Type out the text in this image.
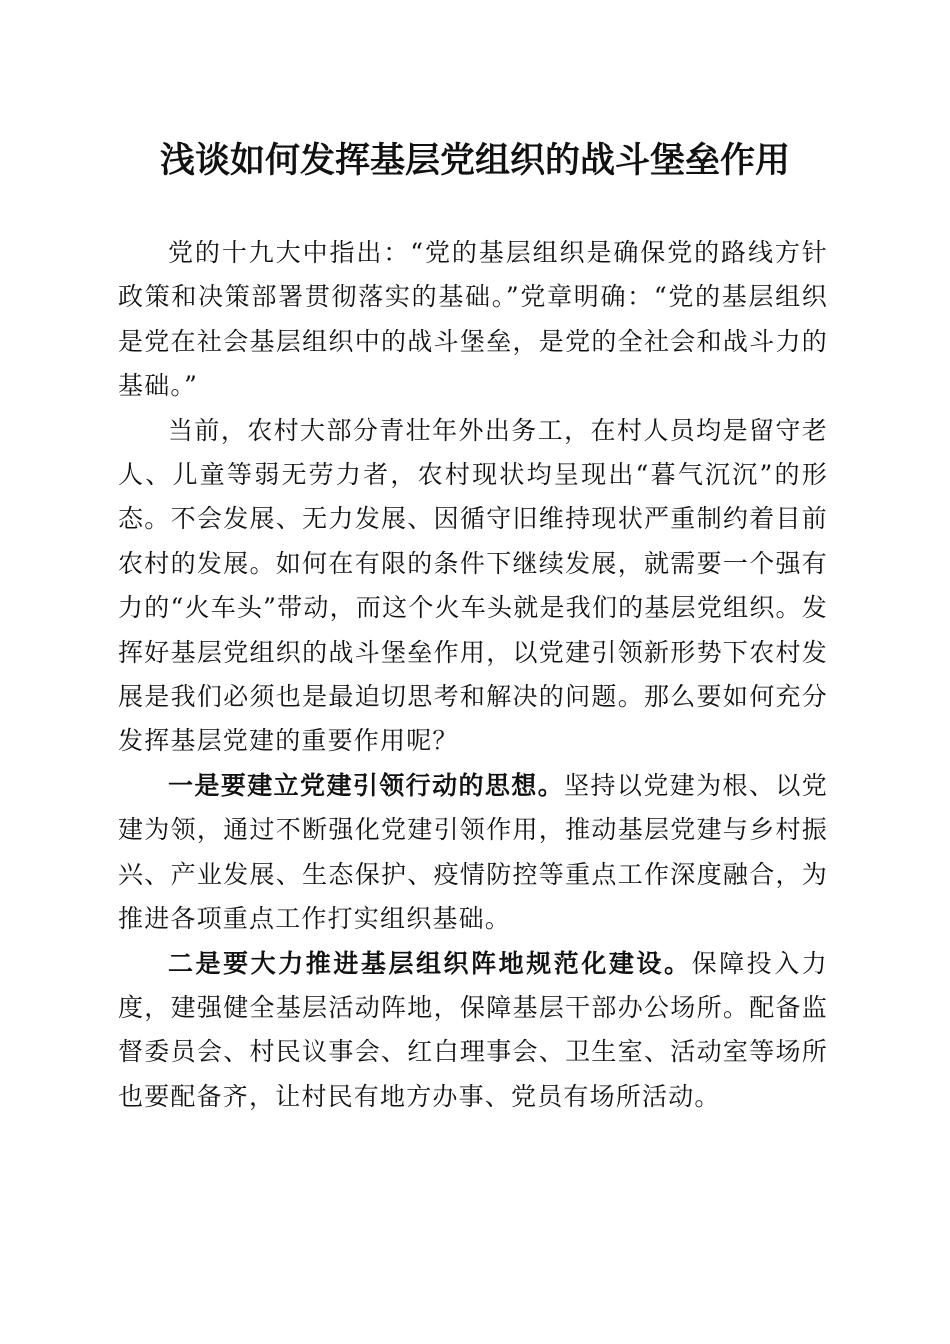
浅谈如何发挥基层党组织的战斗堡垒作用

党的十九大中指出：“党的基层组织是确保党的路线方针政策和决策部署贯彻落实的基础。”党章明确：“党的基层组织是党在社会基层组织中的战斗堡垒，是党的全社会和战斗力的基础。”

当前，农村大部分青壮年外出务工，在村人员均是留守老人、儿童等弱无劳力者，农村现状均呈现出“暮气沉沉”的形态。不会发展、无力发展、因循守旧维持现状严重制约着目前农村的发展。如何在有限的条件下继续发展，就需要一个强有力的“火车头”带动，而这个火车头就是我们的基层党组织。发挥好基层党组织的战斗堡垒作用，以党建引领新形势下农村发展是我们必须也是最迫切思考和解决的问题。那么要如何充分发挥基层党建的重要作用呢？

一是要建立党建引领行动的思想。坚持以党建为根、以党建为领，通过不断强化党建引领作用，推动基层党建与乡村振兴、产业发展、生态保护、疫情防控等重点工作深度融合，为推进各项重点工作打实组织基础。

二是要大力推进基层组织阵地规范化建设。保障投入力度，建强健全基层活动阵地，保障基层干部办公场所。配备监督委员会、村民议事会、红白理事会、卫生室、活动室等场所也要配备齐，让村民有地方办事、党员有场所活动。
